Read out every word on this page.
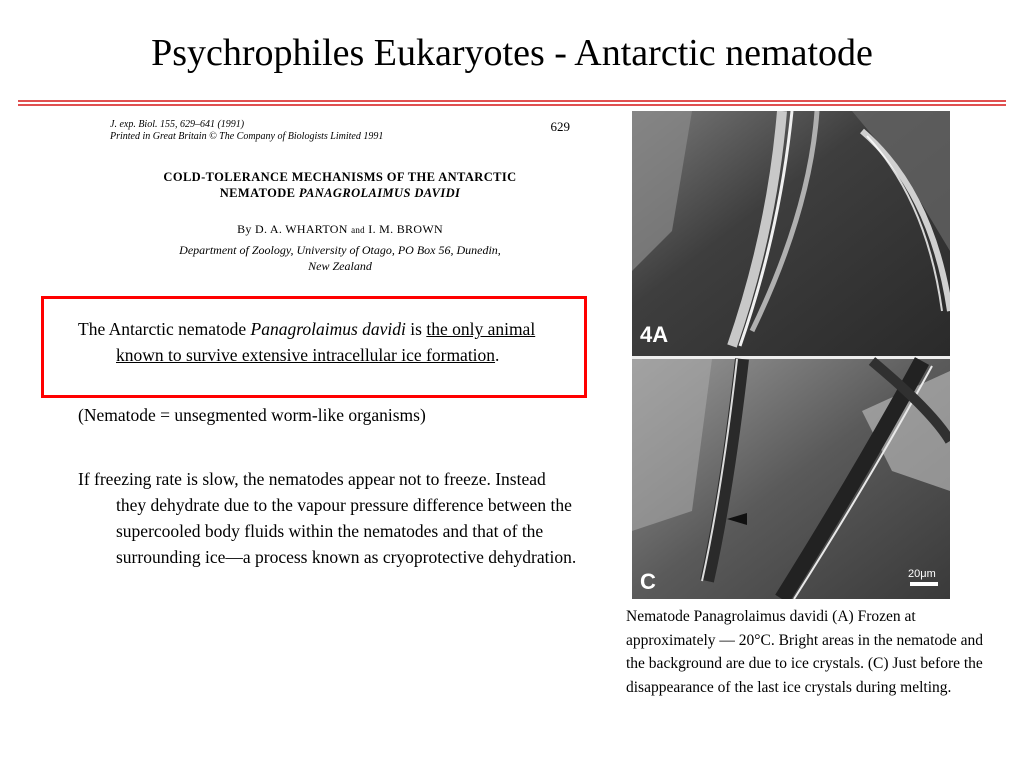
Psychrophiles Eukaryotes - Antarctic nematode
J. exp. Biol. 155, 629–641 (1991)
Printed in Great Britain © The Company of Biologists Limited 1991
629
COLD-TOLERANCE MECHANISMS OF THE ANTARCTIC
NEMATODE PANAGROLAIMUS DAVIDI
By D. A. WHARTON and I. M. BROWN
Department of Zoology, University of Otago, PO Box 56, Dunedin,
New Zealand
The Antarctic nematode Panagrolaimus davidi is the only animal known to survive extensive intracellular ice formation.
(Nematode = unsegmented worm-like organisms)
If freezing rate is slow, the nematodes appear not to freeze. Instead they dehydrate due to the vapour pressure difference between the supercooled body fluids within the nematodes and that of the surrounding ice—a process known as cryoprotective dehydration.
4A
C	20μm
Nematode Panagrolaimus davidi (A) Frozen at approximately — 20°C. Bright areas in the nematode and the background are due to ice crystals. (C) Just before the disappearance of the last ice crystals during melting.
